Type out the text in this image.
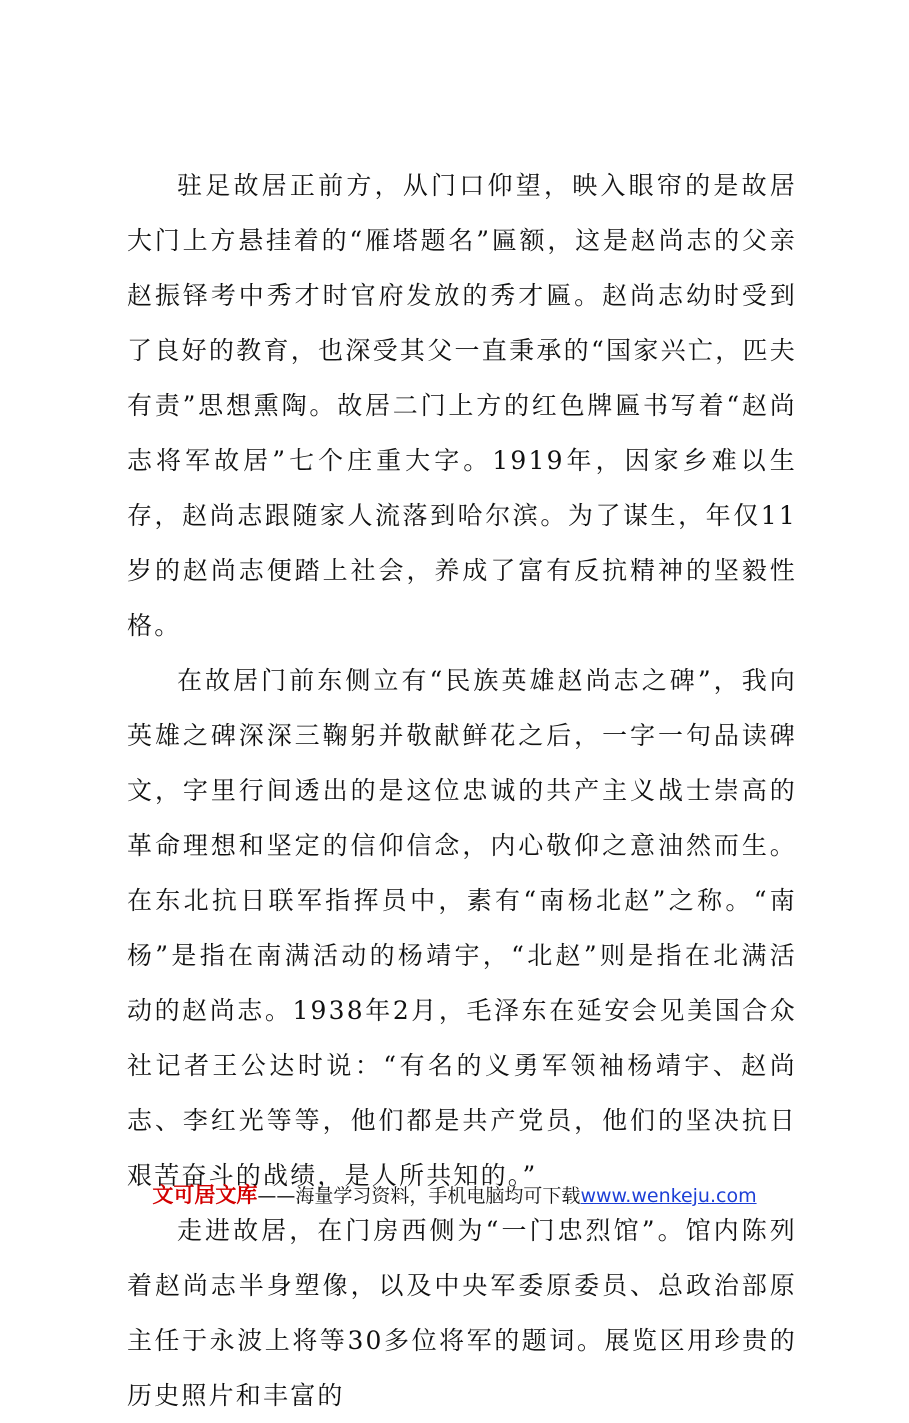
驻足故居正前方，从门口仰望，映入眼帘的是故居大门上方悬挂着的“雁塔题名”匾额，这是赵尚志的父亲赵振铎考中秀才时官府发放的秀才匾。赵尚志幼时受到了良好的教育，也深受其父一直秉承的“国家兴亡，匹夫有责”思想熏陶。故居二门上方的红色牌匾书写着“赵尚志将军故居”七个庄重大字。1919年，因家乡难以生存，赵尚志跟随家人流落到哈尔滨。为了谋生，年仅11岁的赵尚志便踏上社会，养成了富有反抗精神的坚毅性格。

在故居门前东侧立有“民族英雄赵尚志之碑”，我向英雄之碑深深三鞠躬并敬献鲜花之后，一字一句品读碑文，字里行间透出的是这位忠诚的共产主义战士崇高的革命理想和坚定的信仰信念，内心敬仰之意油然而生。在东北抗日联军指挥员中，素有“南杨北赵”之称。“南杨”是指在南满活动的杨靖宇，“北赵”则是指在北满活动的赵尚志。1938年2月，毛泽东在延安会见美国合众社记者王公达时说：“有名的义勇军领袖杨靖宇、赵尚志、李红光等等，他们都是共产党员，他们的坚决抗日艰苦奋斗的战绩，是人所共知的。”

走进故居，在门房西侧为“一门忠烈馆”。馆内陈列着赵尚志半身塑像，以及中央军委原委员、总政治部原主任于永波上将等30多位将军的题词。展览区用珍贵的历史照片和丰富的

文可居文库——海量学习资料，手机电脑均可下载www.wenkeju.com
